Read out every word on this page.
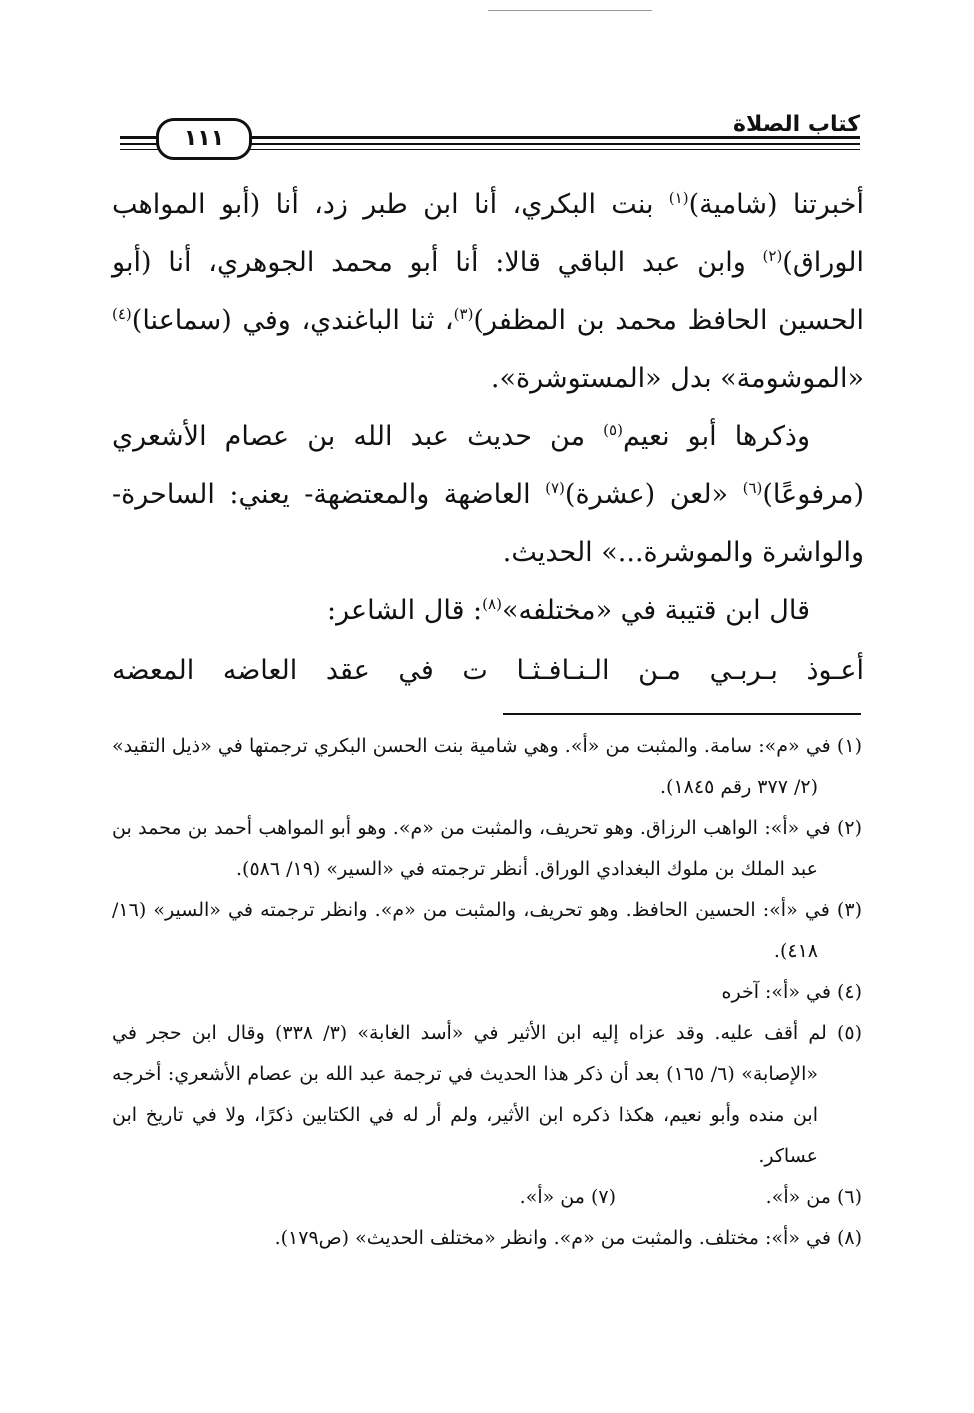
١١١
كتاب الصلاة

أخبرتنا (شامية)$^{(١)}$ بنت البكري، أنا ابن طبر زد، أنا (أبو المواهب الوراق)$^{(٢)}$ وابن عبد الباقي قالا: أنا أبو محمد الجوهري، أنا (أبو الحسين الحافظ محمد بن المظفر)$^{(٣)}$، ثنا الباغندي، وفي (سماعنا)$^{(٤)}$ «الموشومة» بدل «المستوشرة».

وذكرها أبو نعيم$^{(٥)}$ من حديث عبد الله بن عصام الأشعري (مرفوعًا)$^{(٦)}$ «لعن (عشرة)$^{(٧)}$ العاضهة والمعتضهة- يعني: الساحرة- والواشرة والموشرة...» الحديث.

قال ابن قتيبة في «مختلفه»$^{(٨)}$: قال الشاعر:

أعـوذ بـربـي مـن الـنـافـثـا ت في عقد العاضه المعضه

(١) في «م»: سامة. والمثبت من «أ». وهي شامية بنت الحسن البكري ترجمتها في «ذيل التقيد» (٢/ ٣٧٧ رقم ١٨٤٥).

(٢) في «أ»: الواهب الرزاق. وهو تحريف، والمثبت من «م». وهو أبو المواهب أحمد بن محمد بن عبد الملك بن ملوك البغدادي الوراق. أنظر ترجمته في «السير» (١٩/ ٥٨٦).

(٣) في «أ»: الحسين الحافظ. وهو تحريف، والمثبت من «م». وانظر ترجمته في «السير» (١٦/ ٤١٨).

(٤) في «أ»: آخره

(٥) لم أقف عليه. وقد عزاه إليه ابن الأثير في «أسد الغابة» (٣/ ٣٣٨) وقال ابن حجر في «الإصابة» (٦/ ١٦٥) بعد أن ذكر هذا الحديث في ترجمة عبد الله بن عصام الأشعري: أخرجه ابن منده وأبو نعيم، هكذا ذكره ابن الأثير، ولم أر له في الكتابين ذكرًا، ولا في تاريخ ابن عساكر.

(٦) من «أ».
(٧) من «أ».

(٨) في «أ»: مختلف. والمثبت من «م». وانظر «مختلف الحديث» (ص١٧٩).
